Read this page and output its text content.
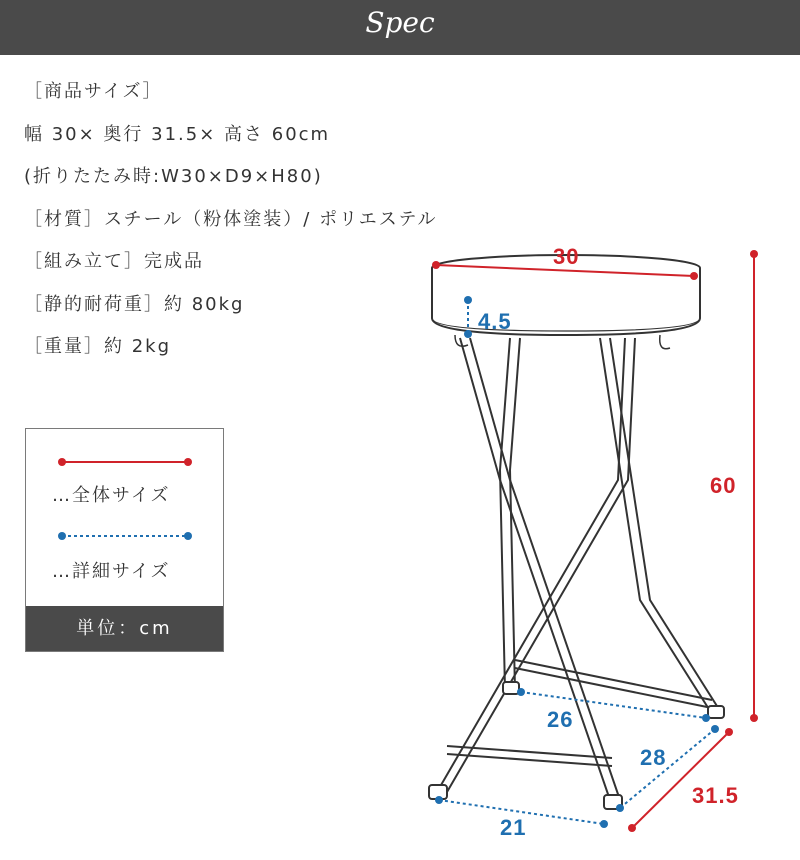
Spec
［商品サイズ］
幅 30× 奥行 31.5× 高さ 60cm
(折りたたみ時:W30×D9×H80)
［材質］スチール（粉体塗装）/ ポリエステル
［組み立て］完成品
［静的耐荷重］約 80kg
［重量］約 2kg
…全体サイズ
…詳細サイズ
単位：cm
30
60
31.5
4.5
26
28
21
